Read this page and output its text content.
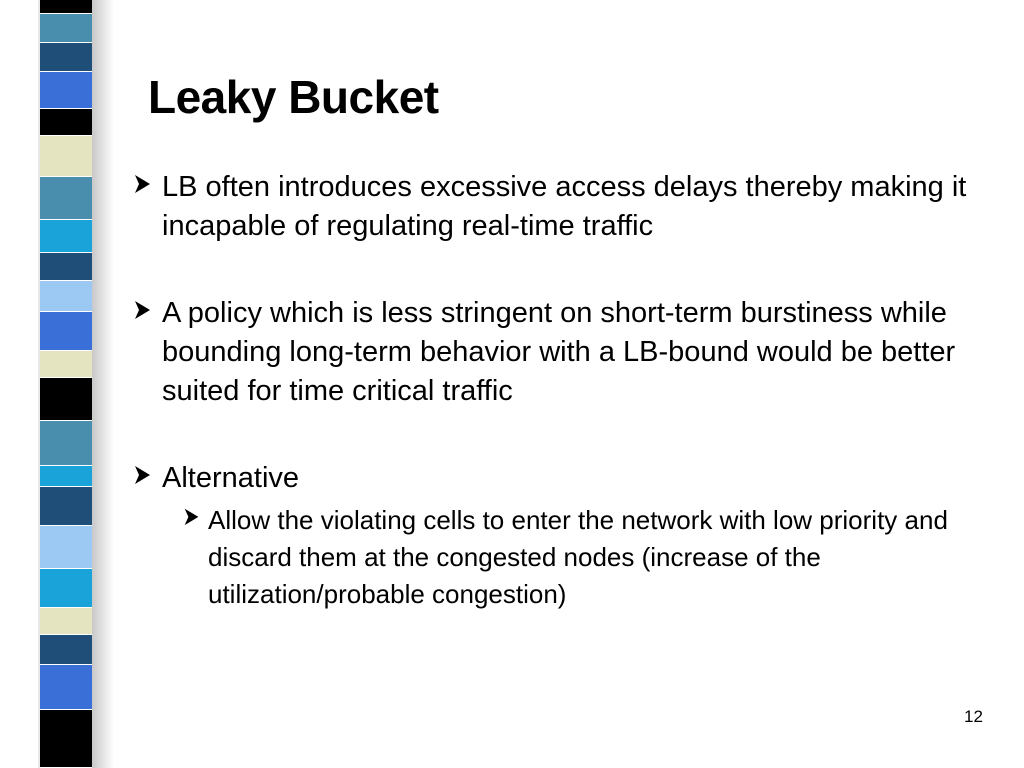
Leaky Bucket
LB often introduces excessive access delays thereby making it incapable of regulating real-time traffic
A policy which is less stringent on short-term burstiness while bounding long-term behavior with a LB-bound would be better suited for time critical traffic
Alternative
Allow the violating cells to enter the network with low priority and discard them at the congested nodes (increase of the utilization/probable congestion)
12
